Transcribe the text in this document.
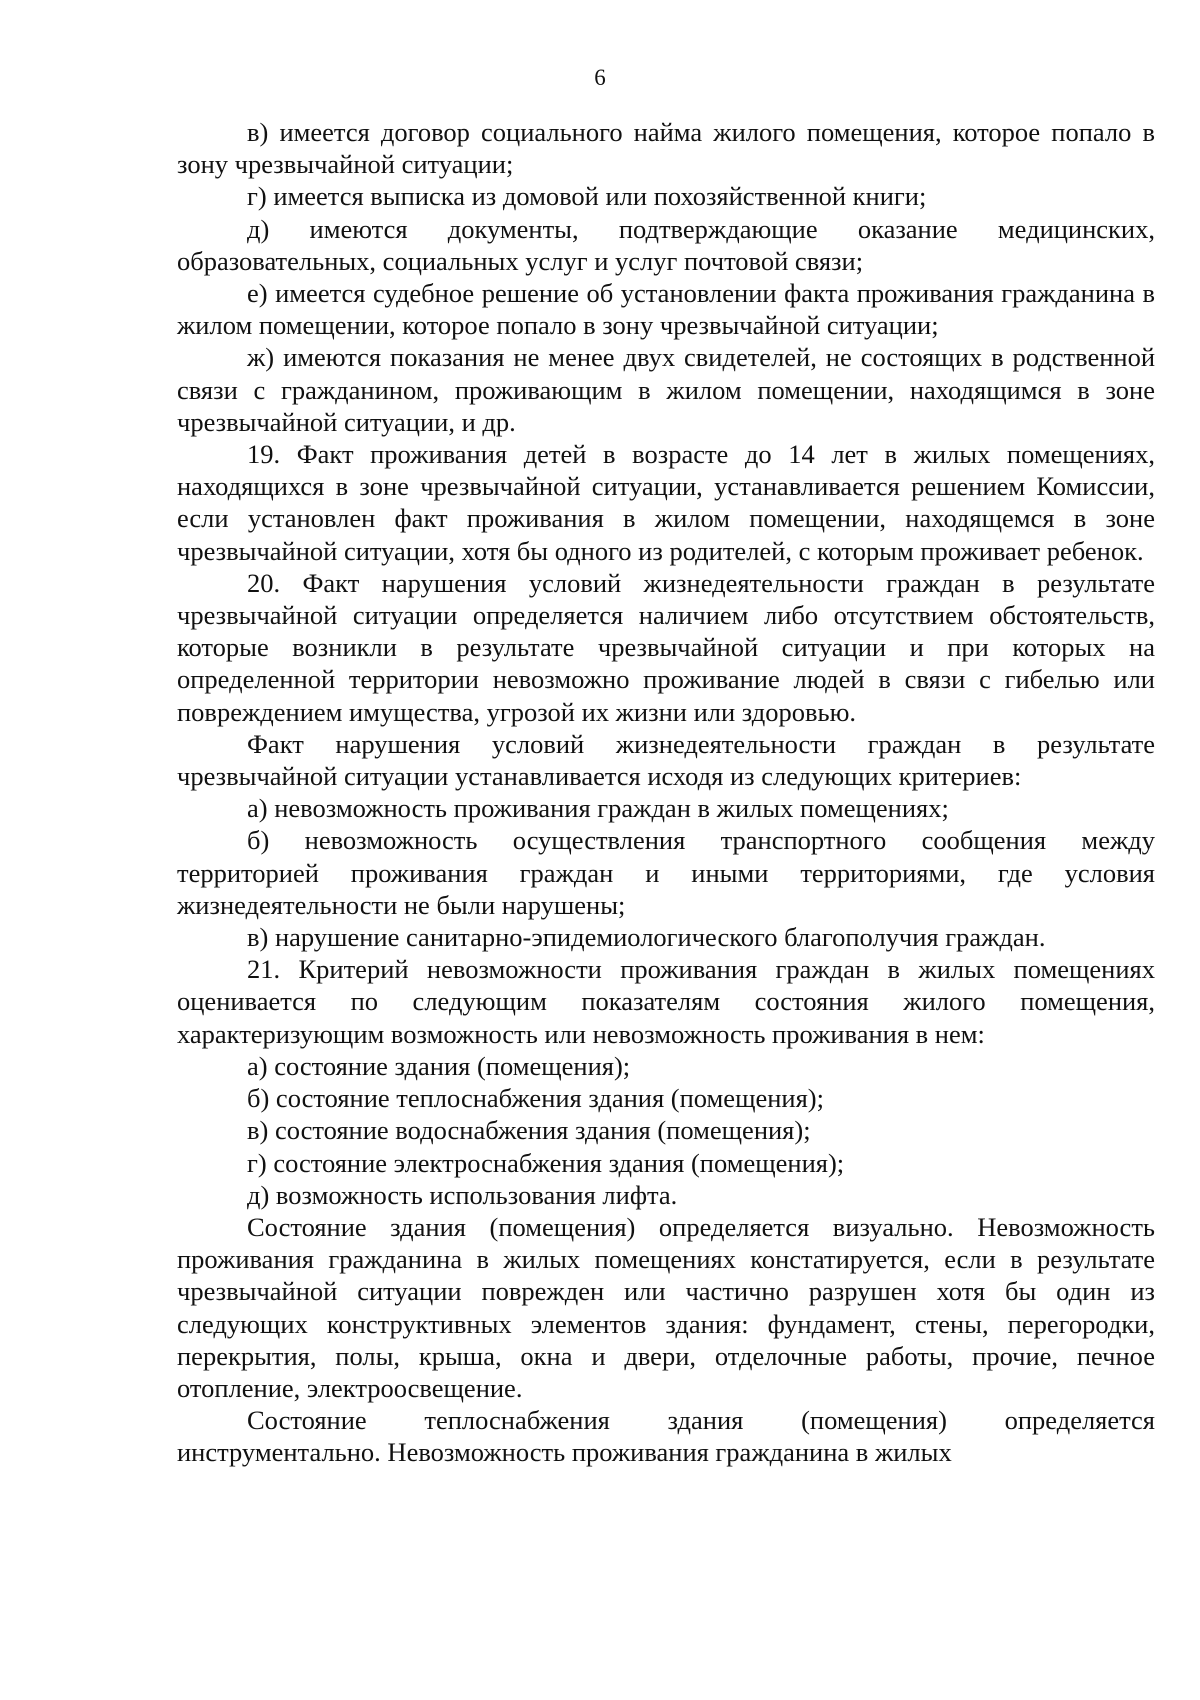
6

в) имеется договор социального найма жилого помещения, которое попало в зону чрезвычайной ситуации;

г) имеется выписка из домовой или похозяйственной книги;

д) имеются документы, подтверждающие оказание медицинских, образовательных, социальных услуг и услуг почтовой связи;

е) имеется судебное решение об установлении факта проживания гражданина в жилом помещении, которое попало в зону чрезвычайной ситуации;

ж) имеются показания не менее двух свидетелей, не состоящих в родственной связи с гражданином, проживающим в жилом помещении, находящимся в зоне чрезвычайной ситуации, и др.

19. Факт проживания детей в возрасте до 14 лет в жилых помещениях, находящихся в зоне чрезвычайной ситуации, устанавливается решением Комиссии, если установлен факт проживания в жилом помещении, находящемся в зоне чрезвычайной ситуации, хотя бы одного из родителей, с которым проживает ребенок.

20. Факт нарушения условий жизнедеятельности граждан в результате чрезвычайной ситуации определяется наличием либо отсутствием обстоятельств, которые возникли в результате чрезвычайной ситуации и при которых на определенной территории невозможно проживание людей в связи с гибелью или повреждением имущества, угрозой их жизни или здоровью.

Факт нарушения условий жизнедеятельности граждан в результате чрезвычайной ситуации устанавливается исходя из следующих критериев:

а) невозможность проживания граждан в жилых помещениях;

б) невозможность осуществления транспортного сообщения между территорией проживания граждан и иными территориями, где условия жизнедеятельности не были нарушены;

в) нарушение санитарно-эпидемиологического благополучия граждан.

21. Критерий невозможности проживания граждан в жилых помещениях оценивается по следующим показателям состояния жилого помещения, характеризующим возможность или невозможность проживания в нем:

а) состояние здания (помещения);

б) состояние теплоснабжения здания (помещения);

в) состояние водоснабжения здания (помещения);

г) состояние электроснабжения здания (помещения);

д) возможность использования лифта.

Состояние здания (помещения) определяется визуально. Невозможность проживания гражданина в жилых помещениях констатируется, если в результате чрезвычайной ситуации поврежден или частично разрушен хотя бы один из следующих конструктивных элементов здания: фундамент, стены, перегородки, перекрытия, полы, крыша, окна и двери, отделочные работы, прочие, печное отопление, электроосвещение.

Состояние теплоснабжения здания (помещения) определяется инструментально. Невозможность проживания гражданина в жилых
